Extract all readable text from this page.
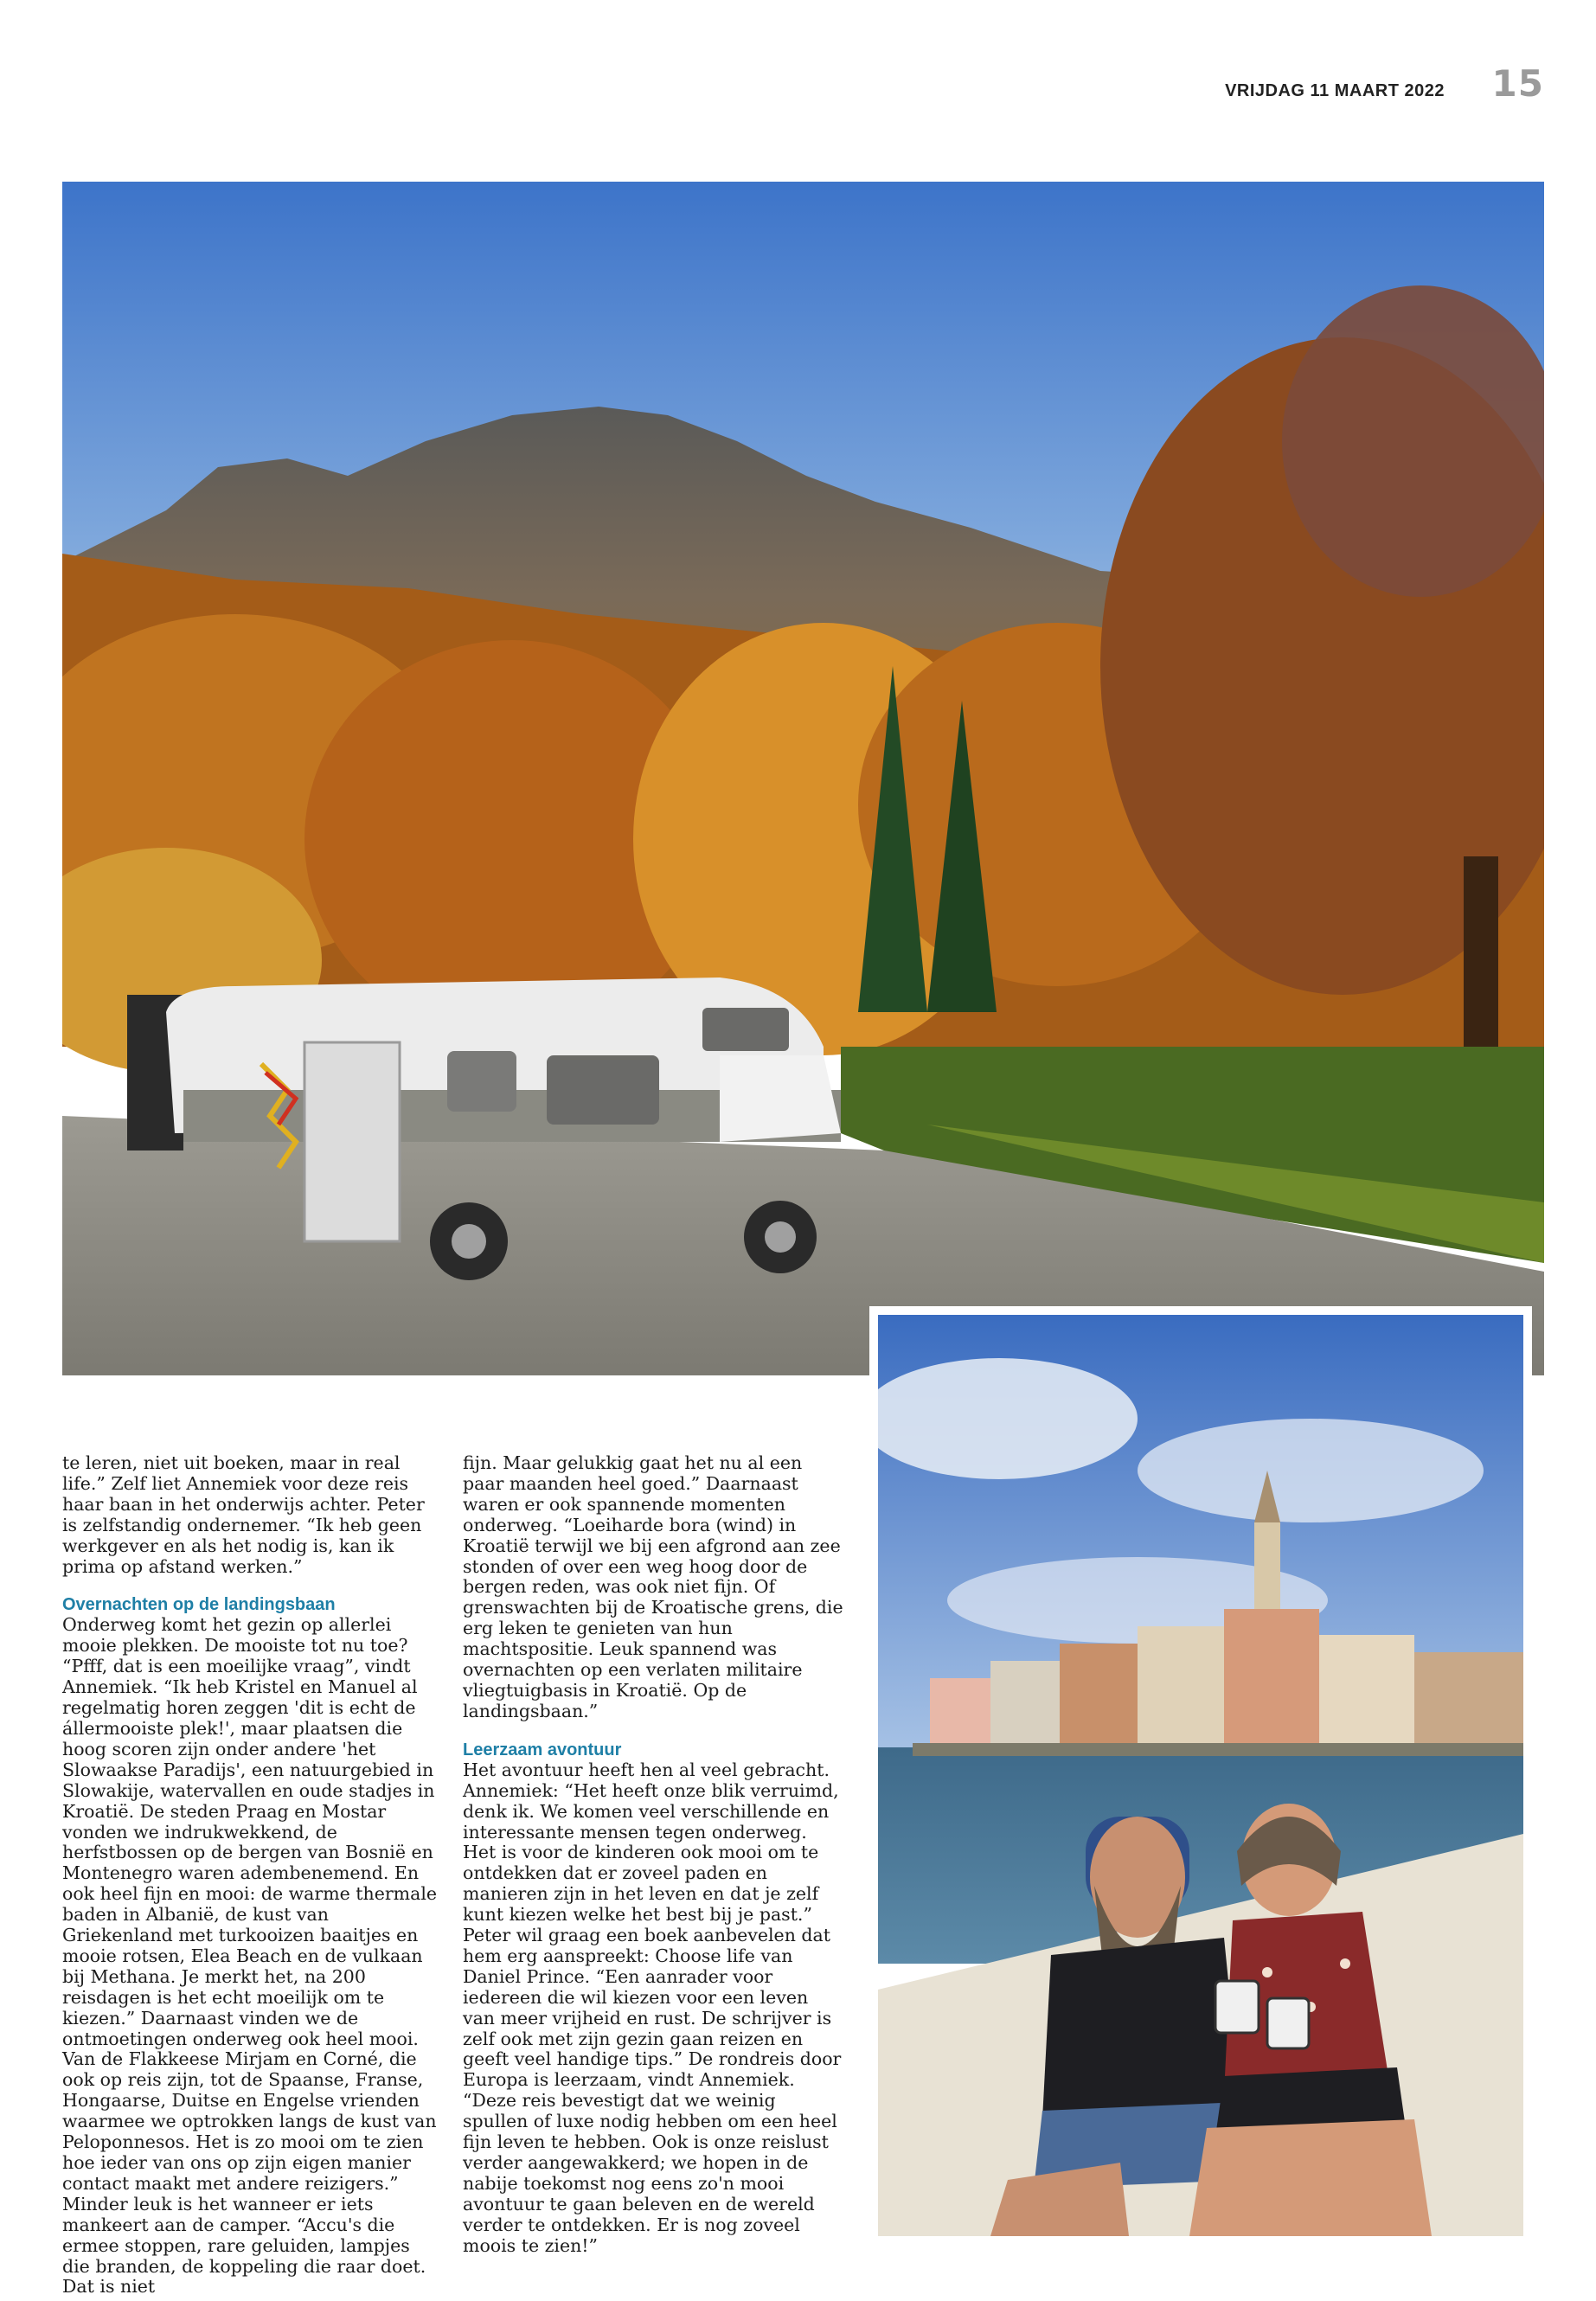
VRIJDAG 11 MAART 2022	15

te leren, niet uit boeken, maar in real life.” Zelf liet Annemiek voor deze reis haar baan in het onderwijs achter. Peter is zelfstandig ondernemer. “Ik heb geen werkgever en als het nodig is, kan ik prima op afstand werken.”

Overnachten op de landingsbaan

Onderweg komt het gezin op allerlei mooie plekken. De mooiste tot nu toe? “Pfff, dat is een moeilijke vraag”, vindt Annemiek. “Ik heb Kristel en Manuel al regelmatig horen zeggen 'dit is echt de állermooiste plek!', maar plaatsen die hoog scoren zijn onder andere 'het Slowaakse Paradijs', een natuurgebied in Slowakije, watervallen en oude stadjes in Kroatië. De steden Praag en Mostar vonden we indrukwekkend, de herfstbossen op de bergen van Bosnië en Montenegro waren adembenemend. En ook heel fijn en mooi: de warme thermale baden in Albanië, de kust van Griekenland met turkooizen baaitjes en mooie rotsen, Elea Beach en de vulkaan bij Methana. Je merkt het, na 200 reisdagen is het echt moeilijk om te kiezen.” Daarnaast vinden we de ontmoetingen onderweg ook heel mooi. Van de Flakkeese Mirjam en Corné, die ook op reis zijn, tot de Spaanse, Franse, Hongaarse, Duitse en Engelse vrienden waarmee we optrokken langs de kust van Peloponnesos. Het is zo mooi om te zien hoe ieder van ons op zijn eigen manier contact maakt met andere reizigers.” Minder leuk is het wanneer er iets mankeert aan de camper. “Accu's die ermee stoppen, rare geluiden, lampjes die branden, de koppeling die raar doet. Dat is niet

fijn. Maar gelukkig gaat het nu al een paar maanden heel goed.” Daarnaast waren er ook spannende momenten onderweg. “Loeiharde bora (wind) in Kroatië terwijl we bij een afgrond aan zee stonden of over een weg hoog door de bergen reden, was ook niet fijn. Of grenswachten bij de Kroatische grens, die erg leken te genieten van hun machtspositie. Leuk spannend was overnachten op een verlaten militaire vliegtuigbasis in Kroatië. Op de landingsbaan.”

Leerzaam avontuur

Het avontuur heeft hen al veel gebracht. Annemiek: “Het heeft onze blik verruimd, denk ik. We komen veel verschillende en interessante mensen tegen onderweg. Het is voor de kinderen ook mooi om te ontdekken dat er zoveel paden en manieren zijn in het leven en dat je zelf kunt kiezen welke het best bij je past.” Peter wil graag een boek aanbevelen dat hem erg aanspreekt: Choose life van Daniel Prince. “Een aanrader voor iedereen die wil kiezen voor een leven van meer vrijheid en rust. De schrijver is zelf ook met zijn gezin gaan reizen en geeft veel handige tips.” De rondreis door Europa is leerzaam, vindt Annemiek. “Deze reis bevestigt dat we weinig spullen of luxe nodig hebben om een heel fijn leven te hebben. Ook is onze reislust verder aangewakkerd; we hopen in de nabije toekomst nog eens zo'n mooi avontuur te gaan beleven en de wereld verder te ontdekken. Er is nog zoveel moois te zien!”
